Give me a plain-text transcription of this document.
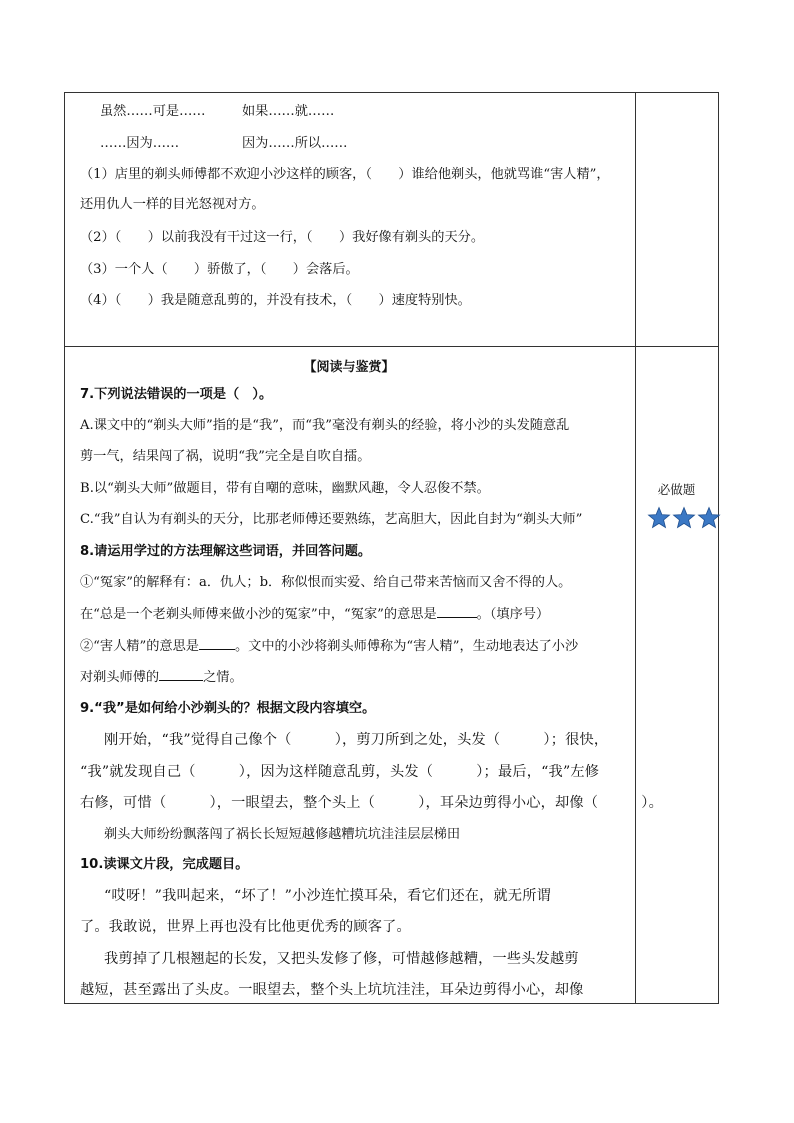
虽然……可是……	如果……就……
……因为……	因为……所以……
（1）店里的剃头师傅都不欢迎小沙这样的顾客，（　　）谁给他剃头，他就骂谁“害人精”，
还用仇人一样的目光怒视对方。
（2）（　　）以前我没有干过这一行，（　　）我好像有剃头的天分。
（3）一个人（　　）骄傲了，（　　）会落后。
（4）（　　）我是随意乱剪的，并没有技术，（　　）速度特别快。
【阅读与鉴赏】
7.下列说法错误的一项是（　）。
A.课文中的“剃头大师”指的是“我”，而“我”毫没有剃头的经验，将小沙的头发随意乱
剪一气，结果闯了祸，说明“我”完全是自吹自擂。
B.以“剃头大师”做题目，带有自嘲的意味，幽默风趣，令人忍俊不禁。
C.“我”自认为有剃头的天分，比那老师傅还要熟练，艺高胆大，因此自封为“剃头大师”
8.请运用学过的方法理解这些词语，并回答问题。
①“冤家”的解释有：a．仇人；b．称似恨而实爱、给自己带来苦恼而又舍不得的人。
在“总是一个老剃头师傅来做小沙的冤家”中，“冤家”的意思是	。（填序号）
②“害人精”的意思是	。文中的小沙将剃头师傅称为“害人精”，生动地表达了小沙
对剃头师傅的	之情。
9.“我”是如何给小沙剃头的？根据文段内容填空。
刚开始，“我”觉得自己像个（　　　），剪刀所到之处，头发（　　　）；很快，
“我”就发现自己（　　　），因为这样随意乱剪，头发（　　　）；最后，“我”左修
右修，可惜（　　　），一眼望去，整个头上（　　　），耳朵边剪得小心，却像（　　　）。
剃头大师纷纷飘落闯了祸长长短短越修越糟坑坑洼洼层层梯田
10.读课文片段，完成题目。
“哎呀！”我叫起来，“坏了！”小沙连忙摸耳朵，看它们还在，就无所谓
了。我敢说，世界上再也没有比他更优秀的顾客了。
我剪掉了几根翘起的长发，又把头发修了修，可惜越修越糟，一些头发越剪
越短，甚至露出了头皮。一眼望去，整个头上坑坑洼洼，耳朵边剪得小心，却像
必做题
